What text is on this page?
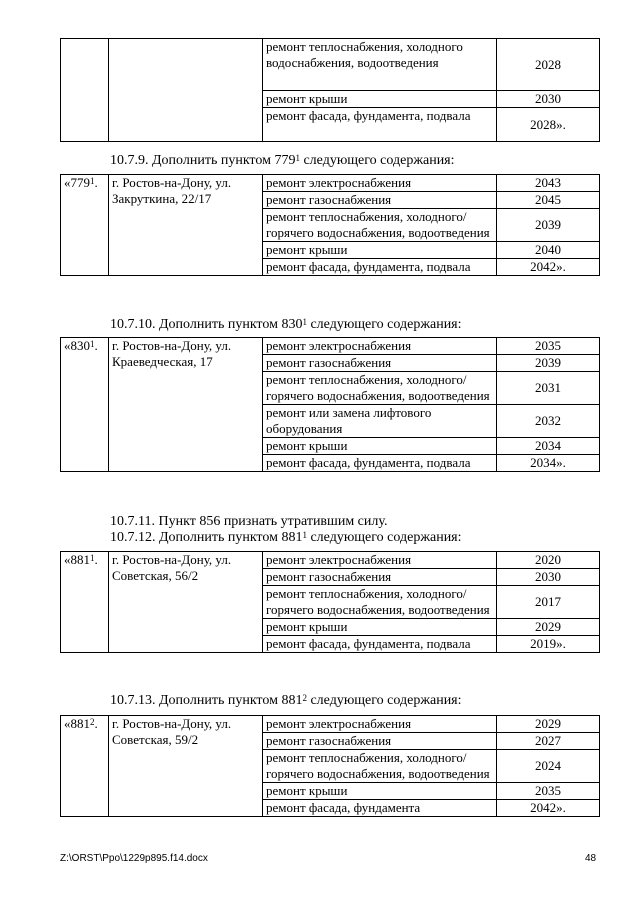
		ремонт теплоснабжения, холодного водоснабжения, водоотведения	2028
		ремонт крыши	2030
		ремонт фасада, фундамента, подвала	2028».
10.7.9. Дополнить пунктом $779^1$ следующего содержания:
«$779^1$.	г. Ростов-на-Дону, ул. Закруткина, 22/17	ремонт электроснабжения	2043
		ремонт газоснабжения	2045
		ремонт теплоснабжения, холодного/горячего водоснабжения, водоотведения	2039
		ремонт крыши	2040
		ремонт фасада, фундамента, подвала	2042».
10.7.10. Дополнить пунктом $830^1$ следующего содержания:
«$830^1$.	г. Ростов-на-Дону, ул. Краеведческая, 17	ремонт электроснабжения	2035
		ремонт газоснабжения	2039
		ремонт теплоснабжения, холодного/горячего водоснабжения, водоотведения	2031
		ремонт или замена лифтового оборудования	2032
		ремонт крыши	2034
		ремонт фасада, фундамента, подвала	2034».
10.7.11. Пункт 856 признать утратившим силу.
10.7.12. Дополнить пунктом $881^1$ следующего содержания:
«$881^1$.	г. Ростов-на-Дону, ул. Советская, 56/2	ремонт электроснабжения	2020
		ремонт газоснабжения	2030
		ремонт теплоснабжения, холодного/горячего водоснабжения, водоотведения	2017
		ремонт крыши	2029
		ремонт фасада, фундамента, подвала	2019».
10.7.13. Дополнить пунктом $881^2$ следующего содержания:
«$881^2$.	г. Ростов-на-Дону, ул. Советская, 59/2	ремонт электроснабжения	2029
		ремонт газоснабжения	2027
		ремонт теплоснабжения, холодного/горячего водоснабжения, водоотведения	2024
		ремонт крыши	2035
		ремонт фасада, фундамента	2042».
Z:\ORST\Ppo\1229p895.f14.docx	48
